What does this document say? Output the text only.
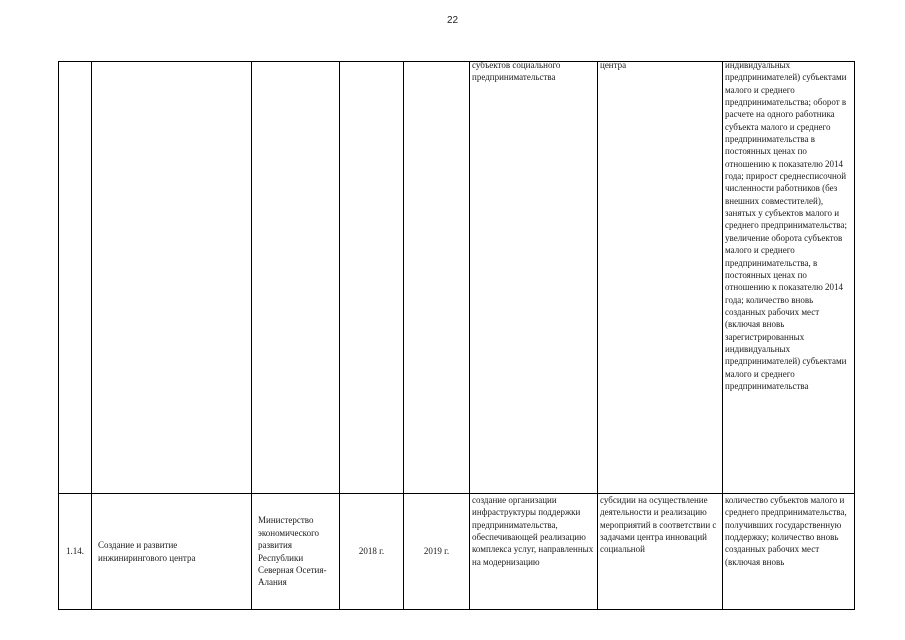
22

					субъектов социального предпринимательства	центра	индивидуальных предпринимателей) субъектами малого и среднего предпринимательства; оборот в расчете на одного работника субъекта малого и среднего предпринимательства в постоянных ценах по отношению к показателю 2014 года; прирост среднесписочной численности работников (без внешних совместителей), занятых у субъектов малого и среднего предпринимательства; увеличение оборота субъектов малого и среднего предпринимательства, в постоянных ценах по отношению к показателю 2014 года; количество вновь созданных рабочих мест (включая вновь зарегистрированных индивидуальных предпринимателей) субъектами малого и среднего предпринимательства

1.14.	Создание и развитие инжинирингового центра	Министерство экономического развития Республики Северная Осетия-Алания	2018 г.	2019 г.	создание организации инфраструктуры поддержки предпринимательства, обеспечивающей реализацию комплекса услуг, направленных на модернизацию	субсидии на осуществление деятельности и реализацию мероприятий в соответствии с задачами центра инноваций социальной	количество субъектов малого и среднего предпринимательства, получивших государственную поддержку; количество вновь созданных рабочих мест (включая вновь
